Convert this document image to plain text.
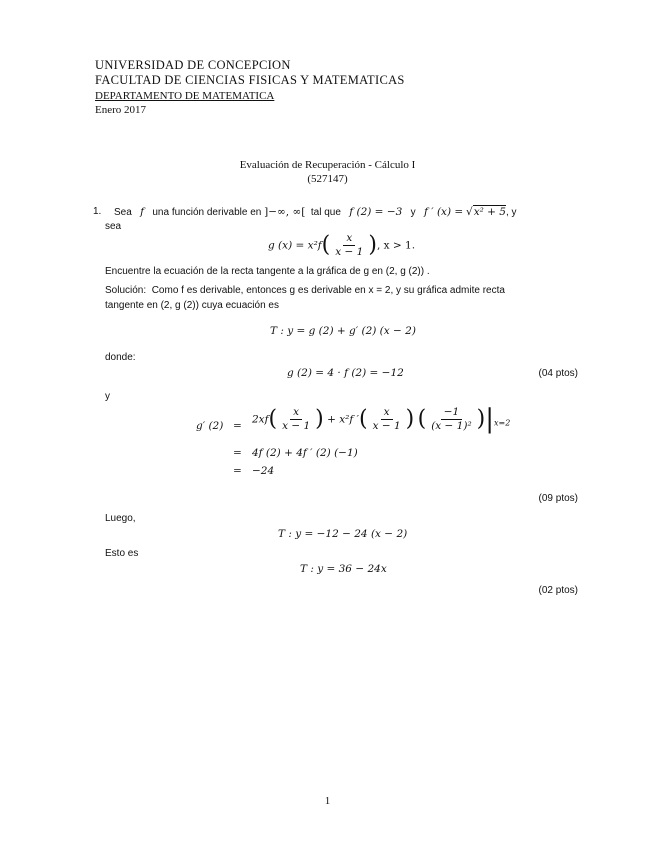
UNIVERSIDAD DE CONCEPCION
FACULTAD DE CIENCIAS FISICAS Y MATEMATICAS
DEPARTAMENTO DE MATEMATICA
Enero 2017
Evaluación de Recuperación - Cálculo I
(527147)
1. Sea f una función derivable en ]−∞, ∞[ tal que f (2) = −3 y f ′ (x) = √x² + 5, y
sea
g $(x) = x^2f( \frac{x}{x - 1}$ ), x > 1.
Encuentre la ecuación de la recta tangente a la gráfica de g en (2, g (2)) .
Solución: Como f es derivable, entonces g es derivable en x = 2, y su gráfica admite recta
tangente en (2, g (2)) cuya ecuación es
T : y = g (2) + g′ (2) (x − 2)
donde:
g (2) = 4 · f (2) = −12	(04 ptos)
y
g′ (2) =
$2xf( \frac{x}{x - 1}$ ) + x²f ′( $\frac{x}{x - 1}$ ) ( $\frac{-1}{\text{(x − 1)²}} )|_{x=2}$
= 4f (2) + 4f ′ (2) (−1)
= −24
(09 ptos)
Luego,
T : y = −12 − 24 (x − 2)
Esto es
T : y = 36 − 24x
(02 ptos)
1
